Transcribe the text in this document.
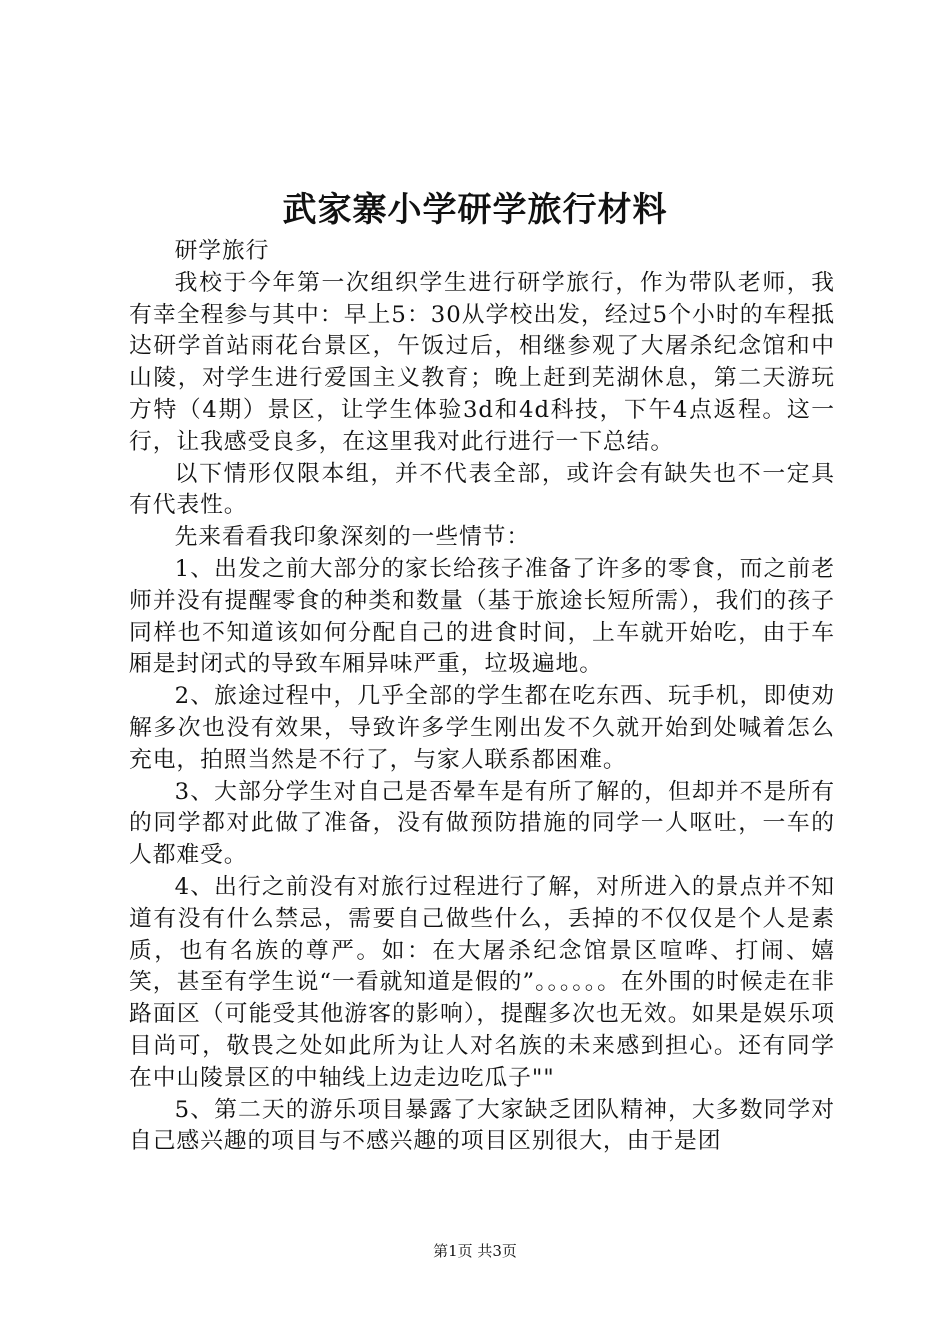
武家寨小学研学旅行材料

研学旅行

我校于今年第一次组织学生进行研学旅行，作为带队老师，我有幸全程参与其中：早上5：30从学校出发，经过5个小时的车程抵达研学首站雨花台景区，午饭过后，相继参观了大屠杀纪念馆和中山陵，对学生进行爱国主义教育；晚上赶到芜湖休息，第二天游玩方特（4期）景区，让学生体验3d和4d科技，下午4点返程。这一行，让我感受良多，在这里我对此行进行一下总结。

以下情形仅限本组，并不代表全部，或许会有缺失也不一定具有代表性。

先来看看我印象深刻的一些情节：

1、出发之前大部分的家长给孩子准备了许多的零食，而之前老师并没有提醒零食的种类和数量（基于旅途长短所需），我们的孩子同样也不知道该如何分配自己的进食时间，上车就开始吃，由于车厢是封闭式的导致车厢异味严重，垃圾遍地。

2、旅途过程中，几乎全部的学生都在吃东西、玩手机，即使劝解多次也没有效果，导致许多学生刚出发不久就开始到处喊着怎么充电，拍照当然是不行了，与家人联系都困难。

3、大部分学生对自己是否晕车是有所了解的，但却并不是所有的同学都对此做了准备，没有做预防措施的同学一人呕吐，一车的人都难受。

4、出行之前没有对旅行过程进行了解，对所进入的景点并不知道有没有什么禁忌，需要自己做些什么，丢掉的不仅仅是个人是素质，也有名族的尊严。如：在大屠杀纪念馆景区喧哗、打闹、嬉笑，甚至有学生说“一看就知道是假的”。。。。。。在外围的时候走在非路面区（可能受其他游客的影响），提醒多次也无效。如果是娱乐项目尚可，敬畏之处如此所为让人对名族的未来感到担心。还有同学在中山陵景区的中轴线上边走边吃瓜子""

5、第二天的游乐项目暴露了大家缺乏团队精神，大多数同学对自己感兴趣的项目与不感兴趣的项目区别很大，由于是团

第1页 共3页
